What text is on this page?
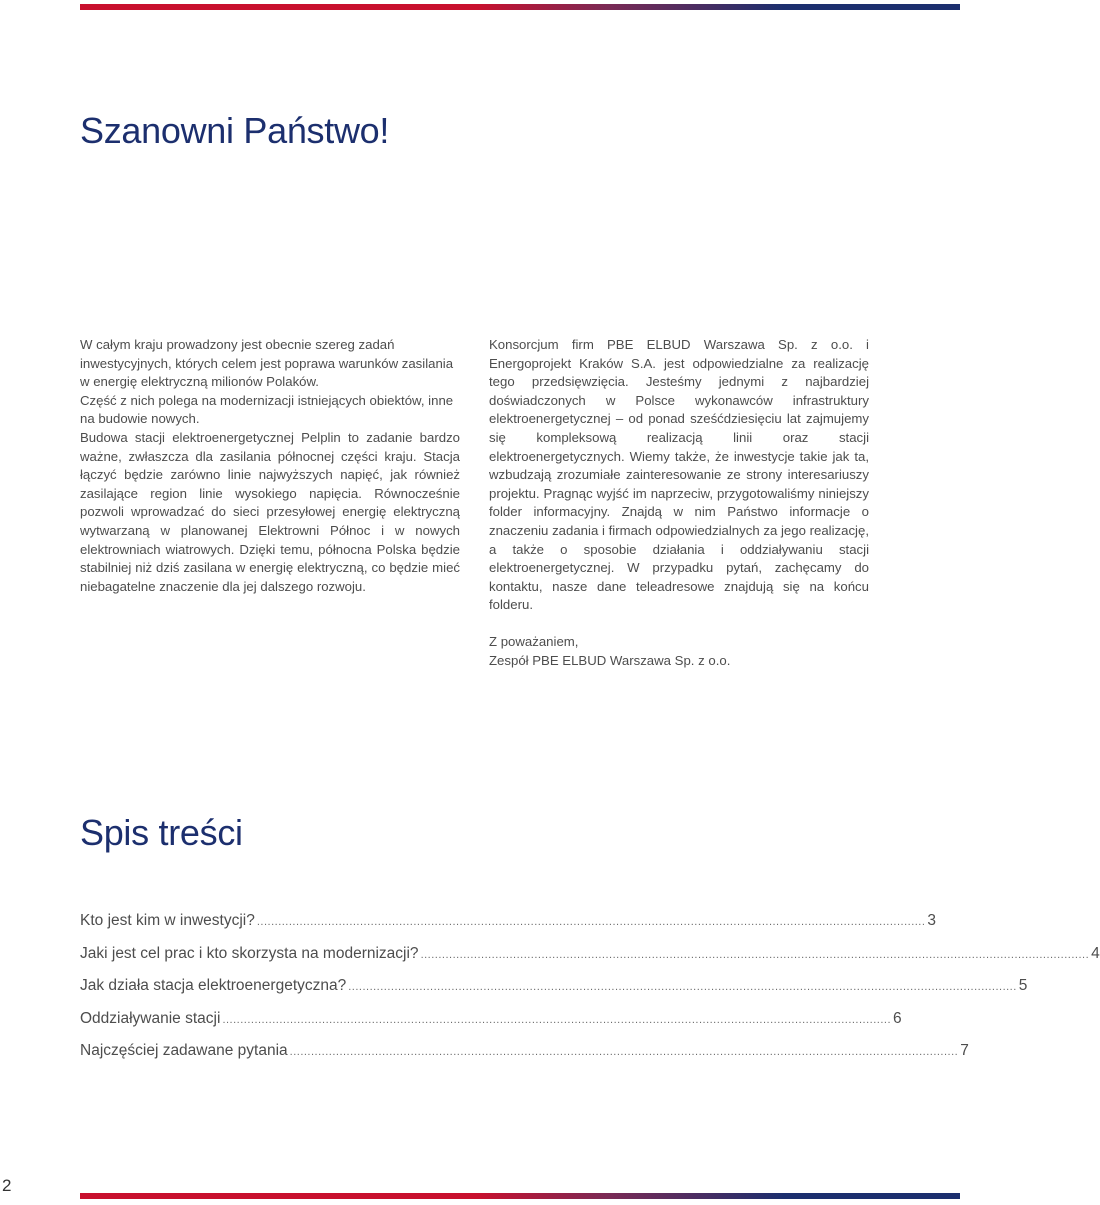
Szanowni Państwo!

W całym kraju prowadzony jest obecnie szereg zadań inwestycyjnych, których celem jest poprawa warunków zasilania w energię elektryczną milionów Polaków.

Część z nich polega na modernizacji istniejących obiektów, inne na budowie nowych.

Budowa stacji elektroenergetycznej Pelplin to zadanie bardzo ważne, zwłaszcza dla zasilania północnej części kraju. Stacja łączyć będzie zarówno linie najwyższych napięć, jak również zasilające region linie wysokiego napięcia. Równocześnie pozwoli wprowadzać do sieci przesyłowej energię elektryczną wytwarzaną w planowanej Elektrowni Północ i w nowych elektrowniach wiatrowych. Dzięki temu, północna Polska będzie stabilniej niż dziś zasilana w energię elektryczną, co będzie mieć niebagatelne znaczenie dla jej dalszego rozwoju.

Konsorcjum firm PBE ELBUD Warszawa Sp. z o.o. i Energoprojekt Kraków S.A. jest odpowiedzialne za realizację tego przedsięwzięcia. Jesteśmy jednymi z najbardziej doświadczonych w Polsce wykonawców infrastruktury elektroenergetycznej – od ponad sześćdziesięciu lat zajmujemy się kompleksową realizacją linii oraz stacji elektroenergetycznych. Wiemy także, że inwestycje takie jak ta, wzbudzają zrozumiałe zainteresowanie ze strony interesariuszy projektu. Pragnąc wyjść im naprzeciw, przygotowaliśmy niniejszy folder informacyjny. Znajdą w nim Państwo informacje o znaczeniu zadania i firmach odpowiedzialnych za jego realizację, a także o sposobie działania i oddziaływaniu stacji elektroenergetycznej. W przypadku pytań, zachęcamy do kontaktu, nasze dane teleadresowe znajdują się na końcu folderu.

Z poważaniem,

Zespół PBE ELBUD Warszawa Sp. z o.o.

Spis treści
Kto jest kim w inwestycji? ............................................................................................................................................................................................ 3
Jaki jest cel prac i kto skorzysta na modernizacji? ............................................................................................................................................................................................ 4
Jak działa stacja elektroenergetyczna? ............................................................................................................................................................................................ 5
Oddziaływanie stacji ............................................................................................................................................................................................ 6
Najczęściej zadawane pytania ............................................................................................................................................................................................ 7
2
